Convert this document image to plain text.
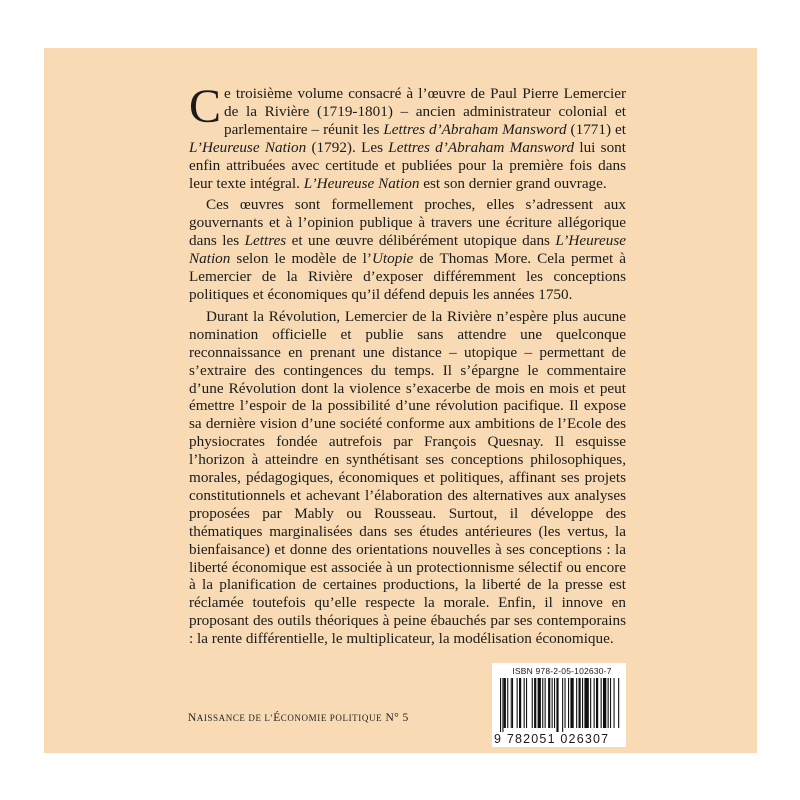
Ce troisième volume consacré à l’œuvre de Paul Pierre Lemercier de la Rivière (1719-1801) – ancien administrateur colonial et parlementaire – réunit les Lettres d’Abraham Mansword (1771) et L’Heureuse Nation (1792). Les Lettres d’Abraham Mansword lui sont enfin attribuées avec certitude et publiées pour la première fois dans leur texte intégral. L’Heureuse Nation est son dernier grand ouvrage.

Ces œuvres sont formellement proches, elles s’adressent aux gouvernants et à l’opinion publique à travers une écriture allégorique dans les Lettres et une œuvre délibérément utopique dans L’Heureuse Nation selon le modèle de l’Utopie de Thomas More. Cela permet à Lemercier de la Rivière d’exposer différemment les conceptions politiques et économiques qu’il défend depuis les années 1750.

Durant la Révolution, Lemercier de la Rivière n’espère plus aucune nomination officielle et publie sans attendre une quelconque reconnaissance en prenant une distance – utopique – permettant de s’extraire des contingences du temps. Il s’épargne le commentaire d’une Révolution dont la violence s’exacerbe de mois en mois et peut émettre l’espoir de la possibilité d’une révolution pacifique. Il expose sa dernière vision d’une société conforme aux ambitions de l’Ecole des physiocrates fondée autrefois par François Quesnay. Il esquisse l’horizon à atteindre en synthétisant ses conceptions philosophiques, morales, pédagogiques, économiques et politiques, affinant ses projets constitutionnels et achevant l’élaboration des alternatives aux analyses proposées par Mably ou Rousseau. Surtout, il développe des thématiques marginalisées dans ses études antérieures (les vertus, la bienfaisance) et donne des orientations nouvelles à ses conceptions : la liberté économique est associée à un protectionnisme sélectif ou encore à la planification de certaines productions, la liberté de la presse est réclamée toutefois qu’elle respecte la morale. Enfin, il innove en proposant des outils théoriques à peine ébauchés par ses contemporains : la rente différentielle, le multiplicateur, la modélisation économique.

NAISSANCE DE L’ÉCONOMIE POLITIQUE N° 5
ISBN 978-2-05-102630-7
9 782051 026307
